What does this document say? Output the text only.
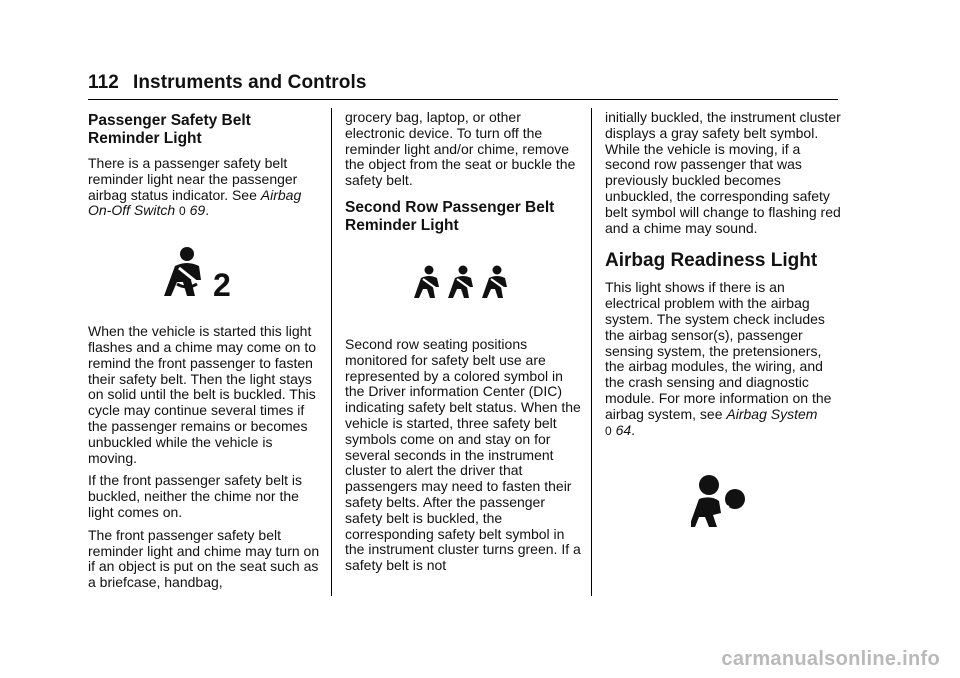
112 Instruments and Controls
Passenger Safety Belt Reminder Light

There is a passenger safety belt reminder light near the passenger airbag status indicator. See Airbag On-Off Switch 0 69.

2

When the vehicle is started this light flashes and a chime may come on to remind the front passenger to fasten their safety belt. Then the light stays on solid until the belt is buckled. This cycle may continue several times if the passenger remains or becomes unbuckled while the vehicle is moving.

If the front passenger safety belt is buckled, neither the chime nor the light comes on.

The front passenger safety belt reminder light and chime may turn on if an object is put on the seat such as a briefcase, handbag,

grocery bag, laptop, or other electronic device. To turn off the reminder light and/or chime, remove the object from the seat or buckle the safety belt.

Second Row Passenger Belt Reminder Light

Second row seating positions monitored for safety belt use are represented by a colored symbol in the Driver information Center (DIC) indicating safety belt status. When the vehicle is started, three safety belt symbols come on and stay on for several seconds in the instrument cluster to alert the driver that passengers may need to fasten their safety belts. After the passenger safety belt is buckled, the corresponding safety belt symbol in the instrument cluster turns green. If a safety belt is not

initially buckled, the instrument cluster displays a gray safety belt symbol. While the vehicle is moving, if a second row passenger that was previously buckled becomes unbuckled, the corresponding safety belt symbol will change to flashing red and a chime may sound.

Airbag Readiness Light

This light shows if there is an electrical problem with the airbag system. The system check includes the airbag sensor(s), passenger sensing system, the pretensioners, the airbag modules, the wiring, and the crash sensing and diagnostic module. For more information on the airbag system, see Airbag System
0 64.

carmanualsonline.info
